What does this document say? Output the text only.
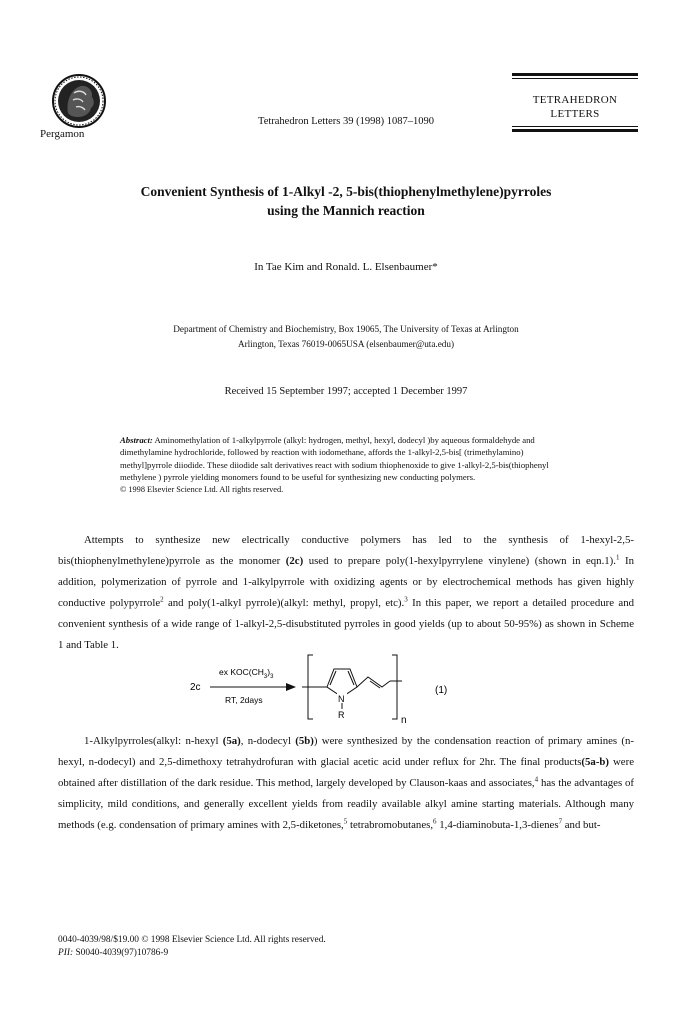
Pergamon
Tetrahedron Letters 39 (1998) 1087–1090
TETRAHEDRON
LETTERS
Convenient Synthesis of 1-Alkyl -2, 5-bis(thiophenylmethylene)pyrroles
using the Mannich reaction
In Tae Kim and Ronald. L. Elsenbaumer*
Department of Chemistry and Biochemistry, Box 19065, The University of Texas at Arlington
Arlington, Texas 76019-0065USA (elsenbaumer@uta.edu)
Received 15 September 1997; accepted 1 December 1997
Abstract: Aminomethylation of 1-alkylpyrrole (alkyl: hydrogen, methyl, hexyl, dodecyl )by aqueous formaldehyde and dimethylamine hydrochloride, followed by reaction with iodomethane, affords the 1-alkyl-2,5-bis[ (trimethylamino) methyl]pyrrole diiodide. These diiodide salt derivatives react with sodium thiophenoxide to give 1-alkyl-2,5-bis(thiophenyl methylene ) pyrrole yielding monomers found to be useful for synthesizing new conducting polymers.
© 1998 Elsevier Science Ltd. All rights reserved.
Attempts to synthesize new electrically conductive polymers has led to the synthesis of 1-hexyl-2,5-bis(thiophenylmethylene)pyrrole as the monomer (2c) used to prepare poly(1-hexylpyrrylene vinylene) (shown in eqn.1).$^1$ In addition, polymerization of pyrrole and 1-alkylpyrrole with oxidizing agents or by electrochemical methods has given highly conductive polypyrrole$^2$ and poly(1-alkyl pyrrole)(alkyl: methyl, propyl, etc).$^3$ In this paper, we report a detailed procedure and convenient synthesis of a wide range of 1-alkyl-2,5-disubstituted pyrroles in good yields (up to about 50-95%) as shown in Scheme 1 and Table 1.
2c
ex $KOC(CH_3)_3$
RT, 2days	N
R	n
(1)
1-Alkylpyrroles(alkyl: n-hexyl (5a), n-dodecyl (5b)) were synthesized by the condensation reaction of primary amines (n-hexyl, n-dodecyl) and 2,5-dimethoxy tetrahydrofuran with glacial acetic acid under reflux for 2hr. The final products(5a-b) were obtained after distillation of the dark residue. This method, largely developed by Clauson-kaas and associates,$^4$ has the advantages of simplicity, mild conditions, and generally excellent yields from readily available alkyl amine starting materials. Although many methods (e.g. condensation of primary amines with 2,5-diketones,$^5$ tetrabromobutanes,$^6$ 1,4-diaminobuta-1,3-dienes$^7$ and but-
0040-4039/98/$19.00 © 1998 Elsevier Science Ltd. All rights reserved.
PII: S0040-4039(97)10786-9
